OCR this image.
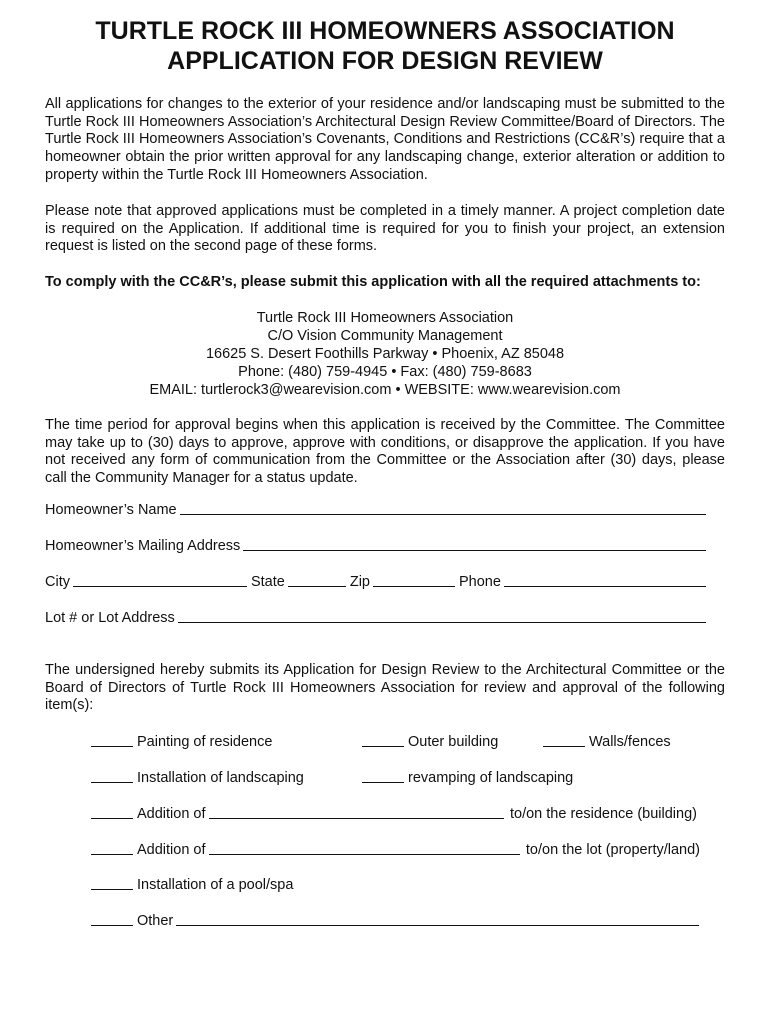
TURTLE ROCK III HOMEOWNERS ASSOCIATION
APPLICATION FOR DESIGN REVIEW
All applications for changes to the exterior of your residence and/or landscaping must be submitted to the Turtle Rock III Homeowners Association’s Architectural Design Review Committee/Board of Directors. The Turtle Rock III Homeowners Association’s Covenants, Conditions and Restrictions (CC&R’s) require that a homeowner obtain the prior written approval for any landscaping change, exterior alteration or addition to property within the Turtle Rock III Homeowners Association.
Please note that approved applications must be completed in a timely manner. A project completion date is required on the Application. If additional time is required for you to finish your project, an extension request is listed on the second page of these forms.
To comply with the CC&R’s, please submit this application with all the required attachments to:
Turtle Rock III Homeowners Association
C/O Vision Community Management
16625 S. Desert Foothills Parkway • Phoenix, AZ 85048
Phone: (480) 759-4945 • Fax: (480) 759-8683
EMAIL: turtlerock3@wearevision.com • WEBSITE: www.wearevision.com
The time period for approval begins when this application is received by the Committee. The Committee may take up to (30) days to approve, approve with conditions, or disapprove the application. If you have not received any form of communication from the Committee or the Association after (30) days, please call the Community Manager for a status update.
Homeowner’s Name
Homeowner’s Mailing Address
City	State	Zip	Phone
Lot # or Lot Address
The undersigned hereby submits its Application for Design Review to the Architectural Committee or the Board of Directors of Turtle Rock III Homeowners Association for review and approval of the following item(s):
Painting of residence	Outer building	Walls/fences
Installation of landscaping	revamping of landscaping
Addition of	to/on the residence (building)
Addition of	to/on the lot (property/land)
Installation of a pool/spa
Other
